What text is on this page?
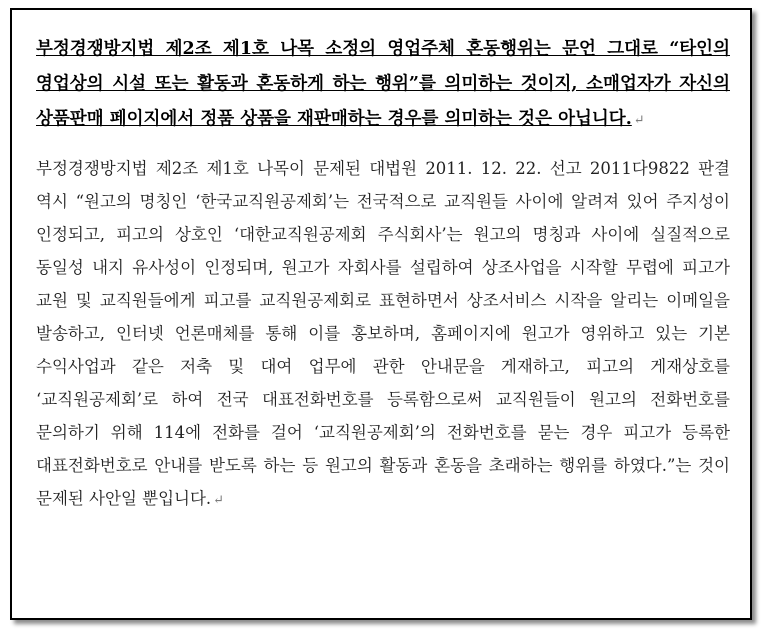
부정경쟁방지법 제2조 제1호 나목 소정의 영업주체 혼동행위는 문언 그대로 “타인의 영업상의 시설 또는 활동과 혼동하게 하는 행위”를 의미하는 것이지, 소매업자가 자신의 상품판매 페이지에서 정품 상품을 재판매하는 경우를 의미하는 것은 아닙니다. ↵

부정경쟁방지법 제2조 제1호 나목이 문제된 대법원 2011. 12. 22. 선고 2011다9822 판결 역시 “원고의 명칭인 ‘한국교직원공제회’는 전국적으로 교직원들 사이에 알려져 있어 주지성이 인정되고, 피고의 상호인 ‘대한교직원공제회 주식회사’는 원고의 명칭과 사이에 실질적으로 동일성 내지 유사성이 인정되며, 원고가 자회사를 설립하여 상조사업을 시작할 무렵에 피고가 교원 및 교직원들에게 피고를 교직원공제회로 표현하면서 상조서비스 시작을 알리는 이메일을 발송하고, 인터넷 언론매체를 통해 이를 홍보하며, 홈페이지에 원고가 영위하고 있는 기본 수익사업과 같은 저축 및 대여 업무에 관한 안내문을 게재하고, 피고의 게재상호를 ‘교직원공제회’로 하여 전국 대표전화번호를 등록함으로써 교직원들이 원고의 전화번호를 문의하기 위해 114에 전화를 걸어 ‘교직원공제회’의 전화번호를 묻는 경우 피고가 등록한 대표전화번호로 안내를 받도록 하는 등 원고의 활동과 혼동을 초래하는 행위를 하였다.”는 것이 문제된 사안일 뿐입니다. ↵
